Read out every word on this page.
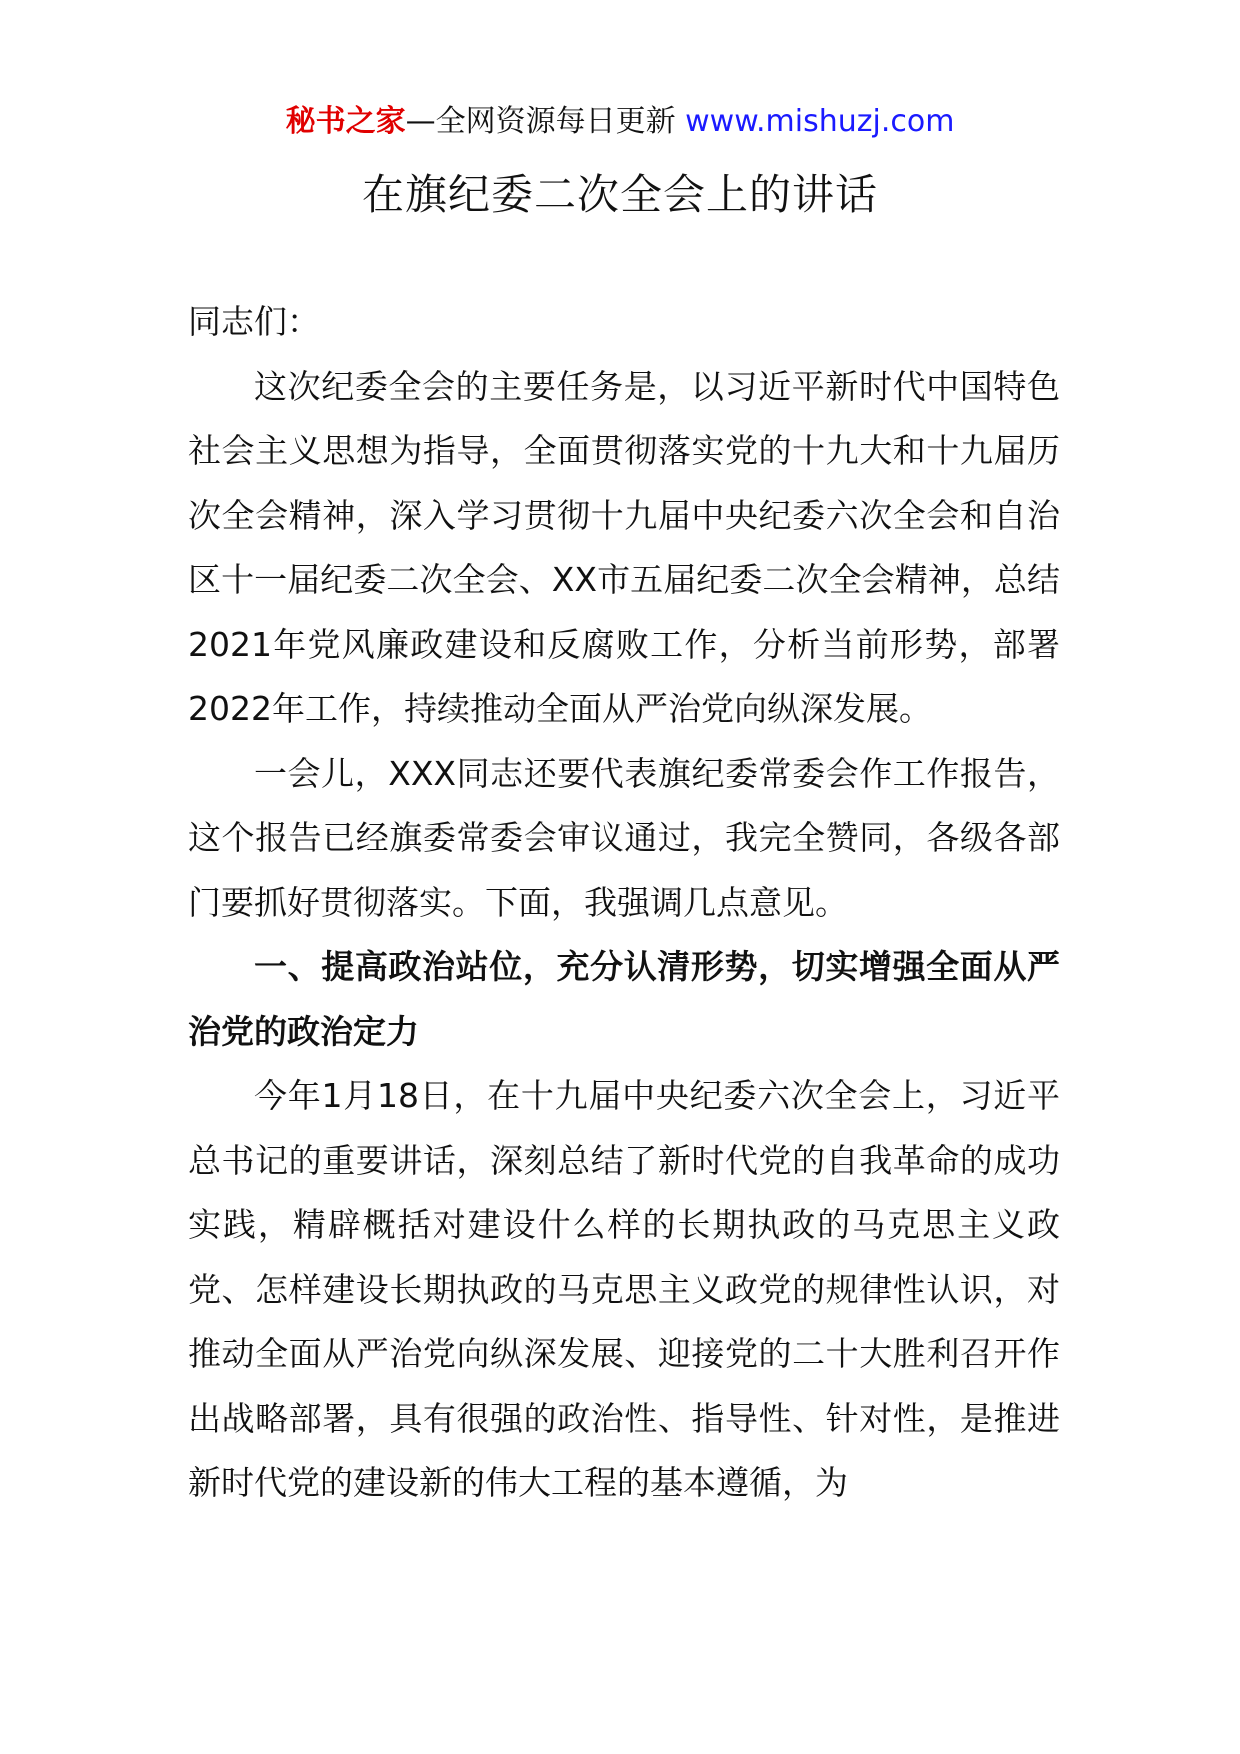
秘书之家—全网资源每日更新 www.mishuzj.com
在旗纪委二次全会上的讲话

同志们：

这次纪委全会的主要任务是，以习近平新时代中国特色社会主义思想为指导，全面贯彻落实党的十九大和十九届历次全会精神，深入学习贯彻十九届中央纪委六次全会和自治区十一届纪委二次全会、XX市五届纪委二次全会精神，总结2021年党风廉政建设和反腐败工作，分析当前形势，部署2022年工作，持续推动全面从严治党向纵深发展。

一会儿，XXX同志还要代表旗纪委常委会作工作报告，这个报告已经旗委常委会审议通过，我完全赞同，各级各部门要抓好贯彻落实。下面，我强调几点意见。

一、提高政治站位，充分认清形势，切实增强全面从严治党的政治定力

今年1月18日，在十九届中央纪委六次全会上，习近平总书记的重要讲话，深刻总结了新时代党的自我革命的成功实践，精辟概括对建设什么样的长期执政的马克思主义政党、怎样建设长期执政的马克思主义政党的规律性认识，对推动全面从严治党向纵深发展、迎接党的二十大胜利召开作出战略部署，具有很强的政治性、指导性、针对性，是推进新时代党的建设新的伟大工程的基本遵循，为
